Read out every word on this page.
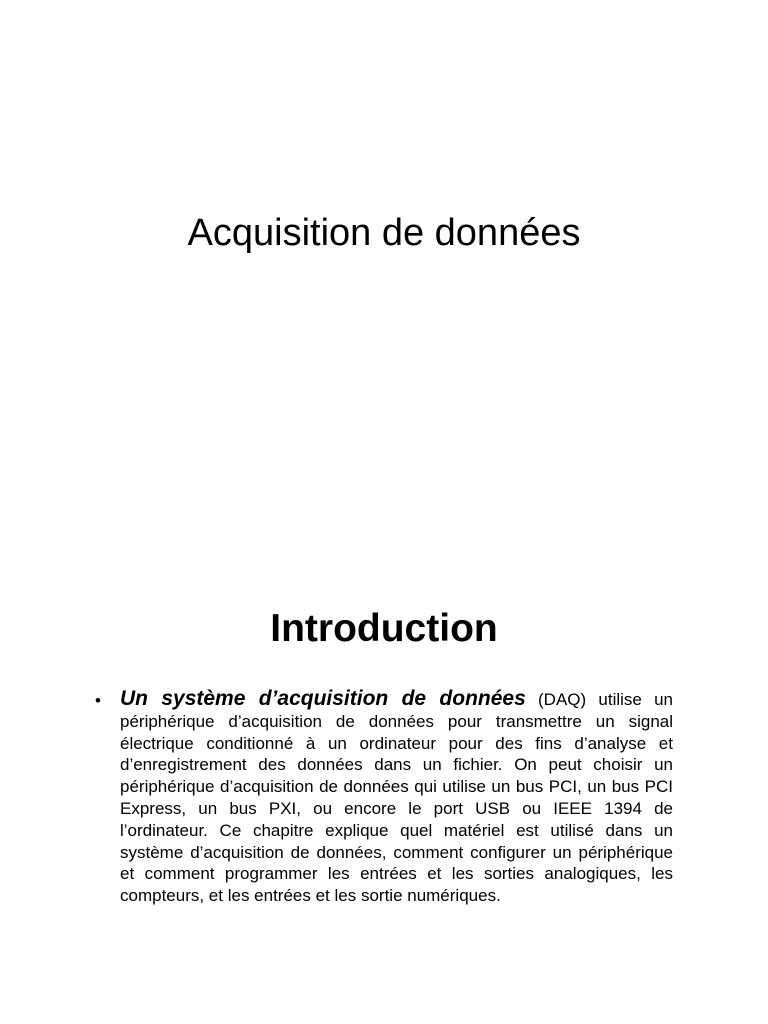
Acquisition de données
Introduction
• Un système d’acquisition de données (DAQ) utilise un périphérique d’acquisition de données pour transmettre un signal électrique conditionné à un ordinateur pour des fins d’analyse et d’enregistrement des données dans un fichier. On peut choisir un périphérique d’acquisition de données qui utilise un bus PCI, un bus PCI Express, un bus PXI, ou encore le port USB ou IEEE 1394 de l’ordinateur. Ce chapitre explique quel matériel est utilisé dans un système d’acquisition de données, comment configurer un périphérique et comment programmer les entrées et les sorties analogiques, les compteurs, et les entrées et les sortie numériques.
